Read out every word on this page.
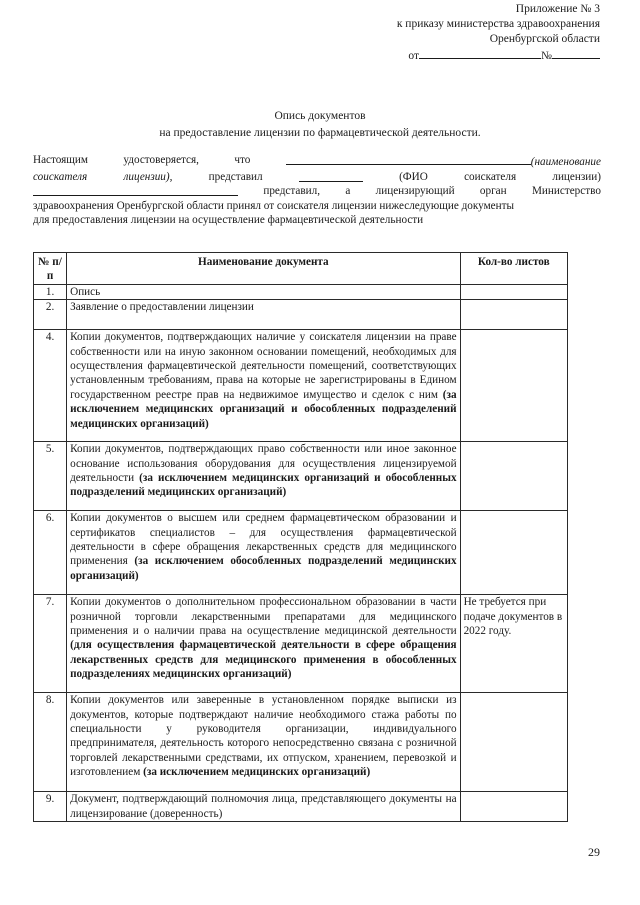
Приложение № 3
к приказу министерства здравоохранения
Оренбургской области
от	№
Опись документов
на предоставление лицензии по фармацевтической деятельности.
Настоящим	удостоверяется,	что	(наименование
соискателя	лицензии),	представил	(ФИО	соискателя	лицензии)
представил, а лицензирующий орган Министерство
здравоохранения Оренбургской области принял от соискателя лицензии нижеследующие документы
для предоставления лицензии на осуществление фармацевтической деятельности
№ п/п	Наименование документа	Кол-во листов
1.	Опись	
2.	Заявление о предоставлении лицензии	
4.	Копии документов, подтверждающих наличие у соискателя лицензии на праве собственности или на иную законном основании помещений, необходимых для осуществления фармацевтической деятельности помещений, соответствующих установленным требованиям, права на которые не зарегистрированы в Едином государственном реестре прав на недвижимое имущество и сделок с ним (за исключением медицинских организаций и обособленных подразделений медицинских организаций)	
5.	Копии документов, подтверждающих право собственности или иное законное основание использования оборудования для осуществления лицензируемой деятельности (за исключением медицинских организаций и обособленных подразделений медицинских организаций)	
6.	Копии документов о высшем или среднем фармацевтическом образовании и сертификатов специалистов – для осуществления фармацевтической деятельности в сфере обращения лекарственных средств для медицинского применения (за исключением обособленных подразделений медицинских организаций)	
7.	Копии документов о дополнительном профессиональном образовании в части розничной торговли лекарственными препаратами для медицинского применения и о наличии права на осуществление медицинской деятельности (для осуществления фармацевтической деятельности в сфере обращения лекарственных средств для медицинского применения в обособленных подразделениях медицинских организаций)	Не требуется при подаче документов в 2022 году.
8.	Копии документов или заверенные в установленном порядке выписки из документов, которые подтверждают наличие необходимого стажа работы по специальности у руководителя организации, индивидуального предпринимателя, деятельность которого непосредственно связана с розничной торговлей лекарственными средствами, их отпуском, хранением, перевозкой и изготовлением (за исключением медицинских организаций)	
9.	Документ, подтверждающий полномочия лица, представляющего документы на лицензирование (доверенность)	
29
